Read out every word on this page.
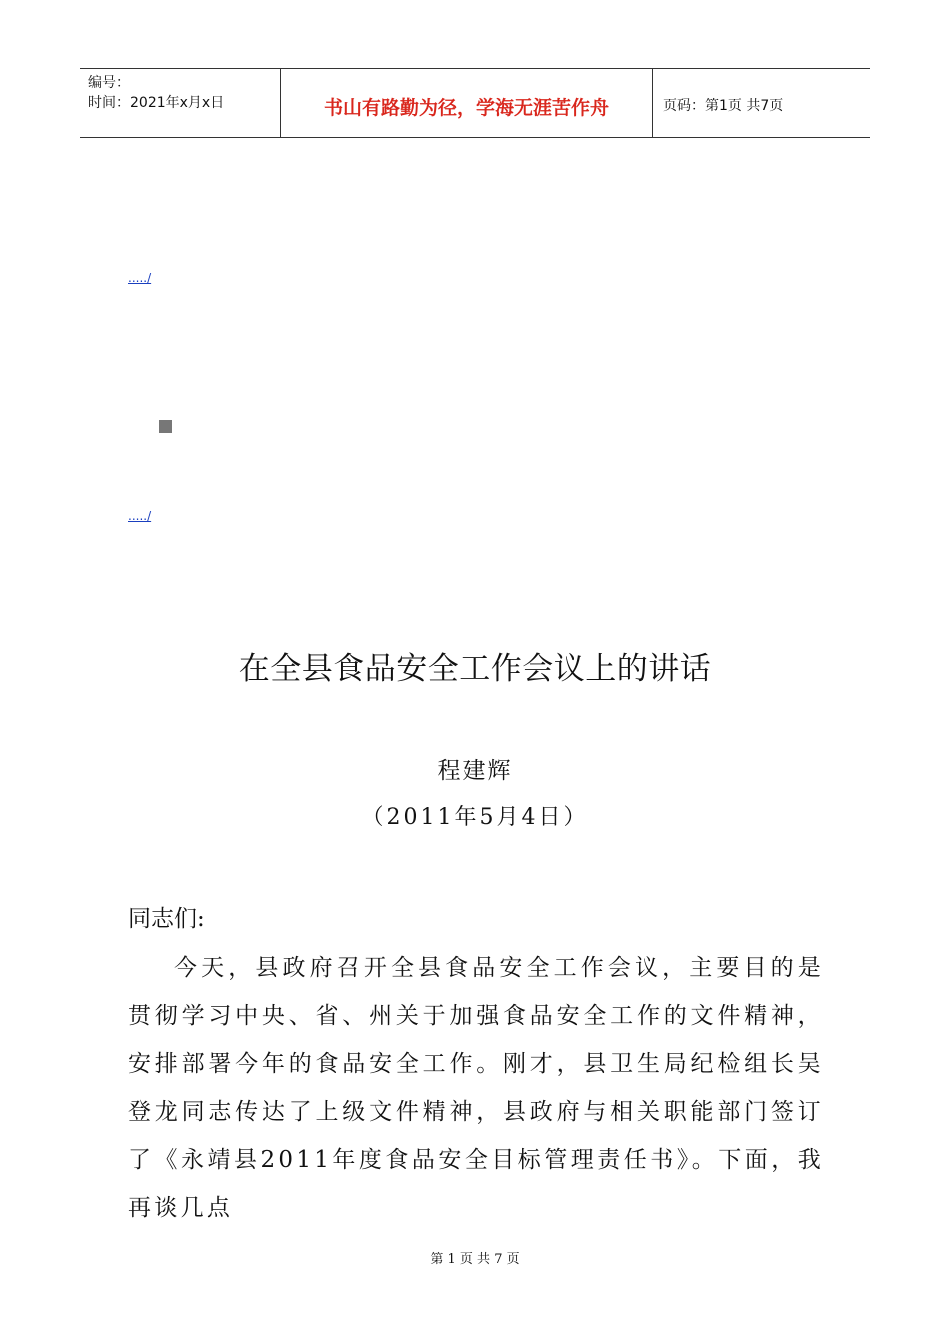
编号：
时间：2021年x月x日	书山有路勤为径，学海无涯苦作舟	页码：第1页 共7页
...../
...../
在全县食品安全工作会议上的讲话
程建辉
（2011年5月4日）
同志们:

今天，县政府召开全县食品安全工作会议，主要目的是贯彻学习中央、省、州关于加强食品安全工作的文件精神，安排部署今年的食品安全工作。刚才，县卫生局纪检组长吴登龙同志传达了上级文件精神，县政府与相关职能部门签订了《永靖县2011年度食品安全目标管理责任书》。下面，我再谈几点

第 1 页 共 7 页
